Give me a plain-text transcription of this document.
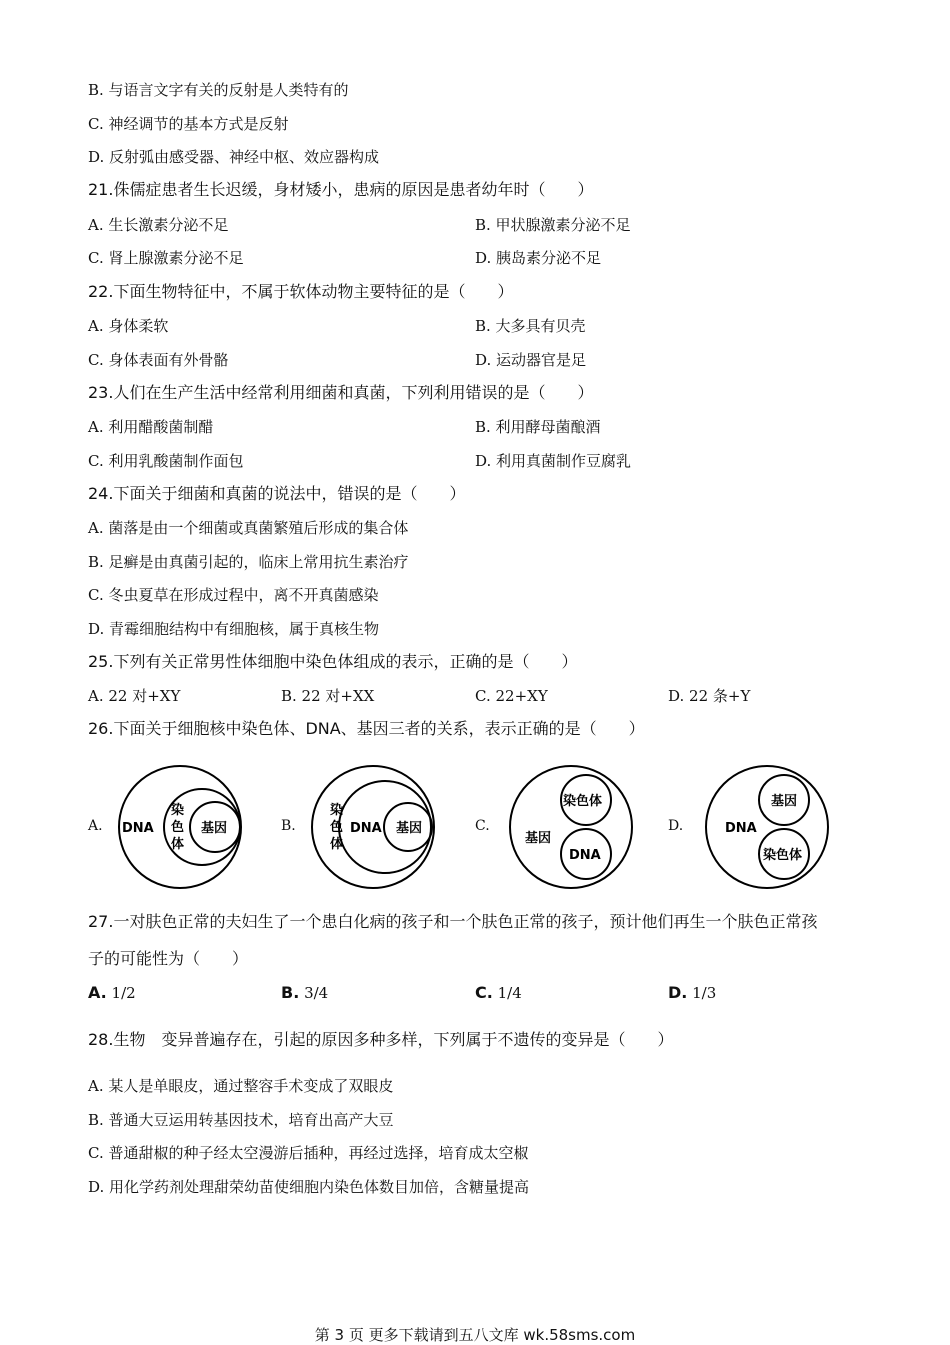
B. 与语言文字有关的反射是人类特有的
C. 神经调节的基本方式是反射
D. 反射弧由感受器、神经中枢、效应器构成
21.侏儒症患者生长迟缓，身材矮小，患病的原因是患者幼年时（　　）
A. 生长激素分泌不足	B. 甲状腺激素分泌不足
C. 肾上腺激素分泌不足	D. 胰岛素分泌不足
22.下面生物特征中，不属于软体动物主要特征的是（　　）
A. 身体柔软	B. 大多具有贝壳
C. 身体表面有外骨骼	D. 运动器官是足
23.人们在生产生活中经常利用细菌和真菌，下列利用错误的是（　　）
A. 利用醋酸菌制醋	B. 利用酵母菌酿酒
C. 利用乳酸菌制作面包	D. 利用真菌制作豆腐乳
24.下面关于细菌和真菌的说法中，错误的是（　　）
A. 菌落是由一个细菌或真菌繁殖后形成的集合体
B. 足癣是由真菌引起的，临床上常用抗生素治疗
C. 冬虫夏草在形成过程中，离不开真菌感染
D. 青霉细胞结构中有细胞核，属于真核生物
25.下列有关正常男性体细胞中染色体组成的表示，正确的是（　　）
A. 22 对+XY	B. 22 对+XX	C. 22+XY	D. 22 条+Y
26.下面关于细胞核中染色体、DNA、基因三者的关系，表示正确的是（　　）
A.	B.	C.	D.
DNA
染
色
体
基因
染
色
体
DNA 基因
染色体
基因
DNA
基因
DNA
染色体
27.一对肤色正常的夫妇生了一个患白化病的孩子和一个肤色正常的孩子，预计他们再生一个肤色正常孩
子的可能性为（　　）
A. 1/2	B. 3/4	C. 1/4	D. 1/3
28.生物　变异普遍存在，引起的原因多种多样，下列属于不遗传的变异是（　　）
A. 某人是单眼皮，通过整容手术变成了双眼皮
B. 普通大豆运用转基因技术，培育出高产大豆
C. 普通甜椒的种子经太空漫游后插种，再经过选择，培育成太空椒
D. 用化学药剂处理甜荣幼苗使细胞内染色体数目加倍，含糖量提高
第 3 页 更多下载请到五八文库 wk.58sms.com
